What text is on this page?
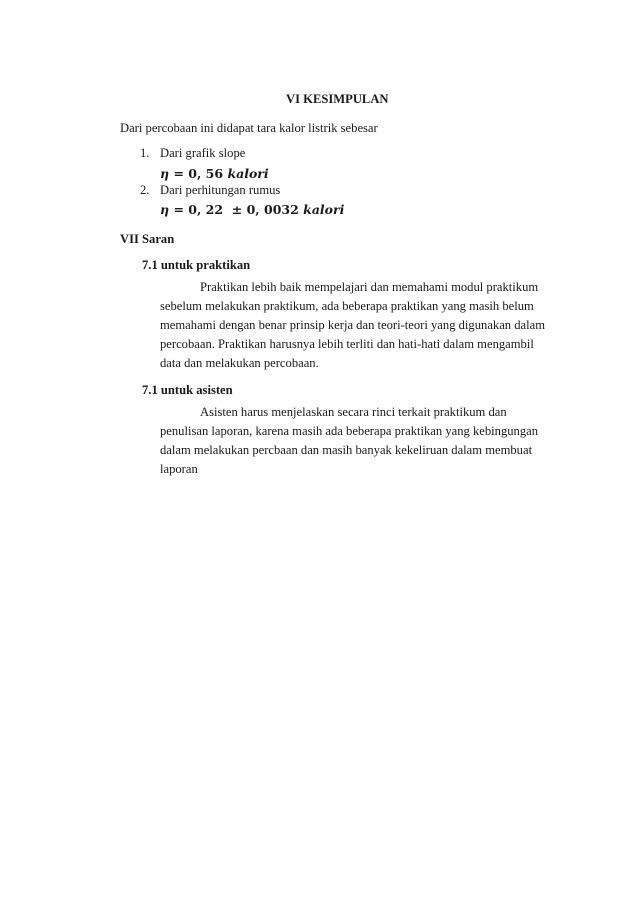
VI KESIMPULAN
Dari percobaan ini didapat tara kalor listrik sebesar
1. Dari grafik slope
η = 0, 56 kalori
2. Dari perhitungan rumus
η = 0, 22  ± 0, 0032 kalori
VII Saran
7.1 untuk praktikan
Praktikan lebih baik mempelajari dan memahami modul praktikum
sebelum melakukan praktikum, ada beberapa praktikan yang masih belum
memahami dengan benar prinsip kerja dan teori-teori yang digunakan dalam
percobaan. Praktikan harusnya lebih terliti dan hati-hati dalam mengambil
data dan melakukan percobaan.
7.1 untuk asisten
Asisten harus menjelaskan secara rinci terkait praktikum dan
penulisan laporan, karena masih ada beberapa praktikan yang kebingungan
dalam melakukan percbaan dan masih banyak kekeliruan dalam membuat
laporan
